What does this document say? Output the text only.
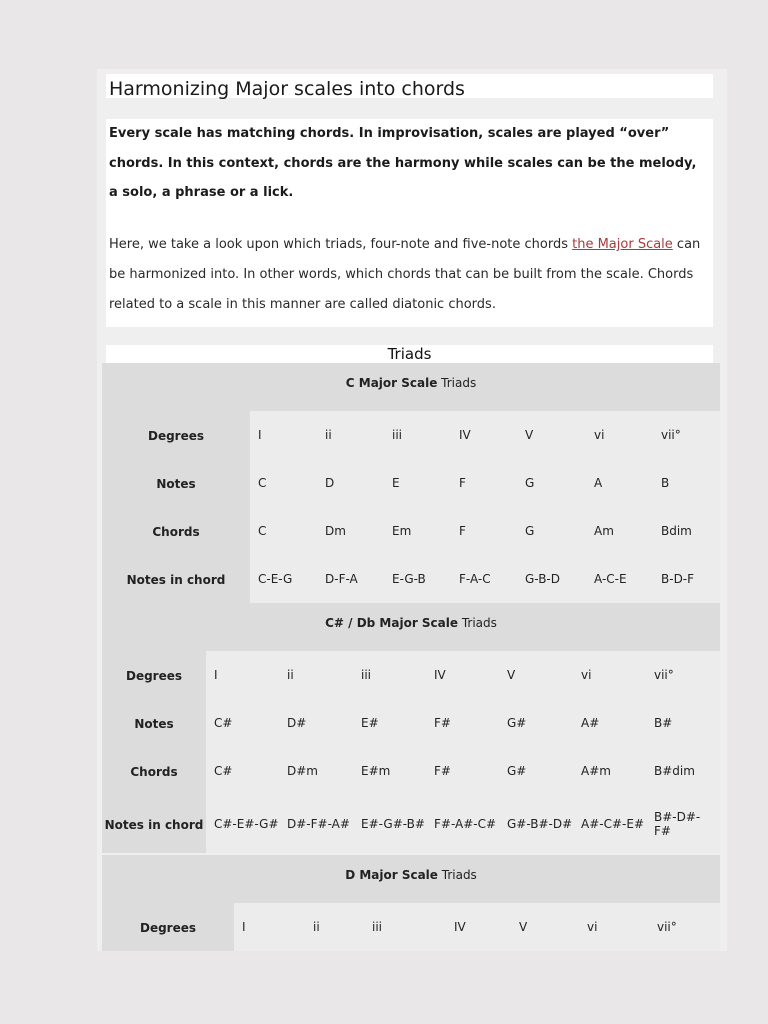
Harmonizing Major scales into chords

Every scale has matching chords. In improvisation, scales are played “over” chords. In this context, chords are the harmony while scales can be the melody, a solo, a phrase or a lick.

Here, we take a look upon which triads, four-note and five-note chords the Major Scale can be harmonized into. In other words, which chords that can be built from the scale. Chords related to a scale in this manner are called diatonic chords.

Triads
C Major Scale Triads
Degrees	I	ii	iii	IV	V	vi	vii°
Notes	C	D	E	F	G	A	B
Chords	C	Dm	Em	F	G	Am	Bdim
Notes in chord	C-E-G	D-F-A	E-G-B	F-A-C	G-B-D	A-C-E	B-D-F
C# / Db Major Scale Triads
Degrees	I	ii	iii	IV	V	vi	vii°
Notes	C#	D#	E#	F#	G#	A#	B#
Chords	C#	D#m	E#m	F#	G#	A#m	B#dim
Notes in chord C#-E#-G# D#-F#-A# E#-G#-B# F#-A#-C# G#-B#-D# A#-C#-E# B#-D#-F#
D Major Scale Triads
Degrees	I	ii	iii	IV	V	vi	vii°
